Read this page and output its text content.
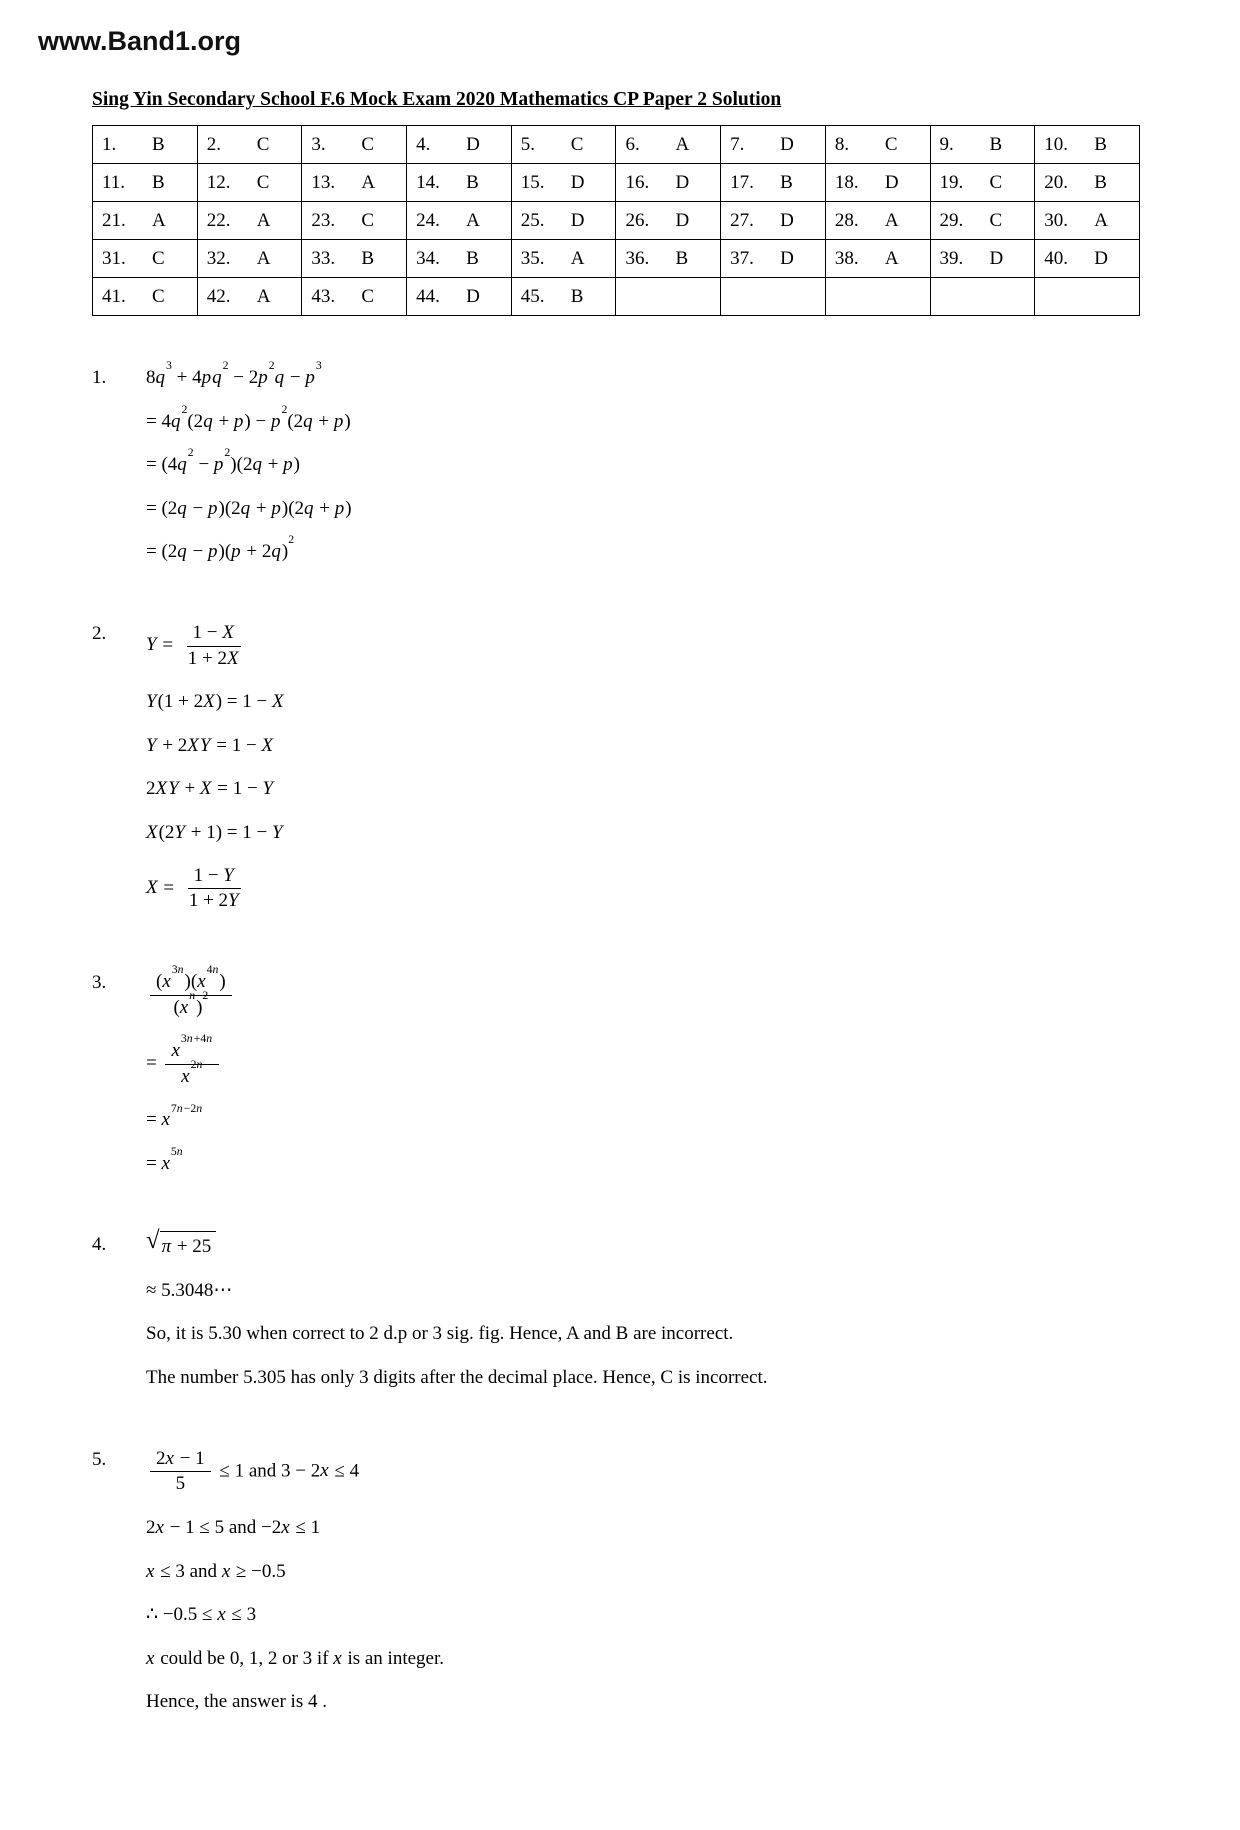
www.Band1.org
Sing Yin Secondary School F.6 Mock Exam 2020 Mathematics CP Paper 2 Solution
1. B	2. C	3. C	4. D	5. C	6. A	7. D	8. C	9. B	10. B

11. B	12. C	13. A	14. B	15. D	16. D	17. B	18. D	19. C	20. B

21. A	22. A	23. C	24. A	25. D	26. D	27. D	28. A	29. C	30. A

31. C	32. A	33. B	34. B	35. A	36. B	37. D	38. A	39. D	40. D

41. C	42. A	43. C	44. D	45. B					

1.	$8q^3 + 4pq^2 - 2p^2q - p^3$
= $4q^2(2q + p) - p^2(2q + p)$
= $(4q^2 - p^2)(2q + p)$
= (2q − p)(2q + p)(2q + p)
= $(2q - p)(p + 2q)^2$
2.
$Y = \frac{1 - X}{1 + 2X}$
Y(1 + 2X) = 1 − X
Y + 2XY = 1 − X
2XY + X = 1 − Y
X(2Y + 1) = 1 − Y
$X = \frac{1 - Y}{1 + 2Y}$
3.	$\frac{(x^{3n})(x^{4n})}{(x^n)^2}$
= $\frac{x^{3n+4n}}{x^{2n}}$
= $x^{7n-2n}$
= $x^{5n}$
4.	√ π + 25
≈ 5.3048⋯
So, it is 5.30 when correct to 2 d.p or 3 sig. fig. Hence, A and B are incorrect.
The number 5.305 has only 3 digits after the decimal place. Hence, C is incorrect.
5.	$\frac{2x - 1}{5} \le 1$ and 3 − 2x ≤ 4
2x − 1 ≤ 5 and −2x ≤ 1
x ≤ 3 and x ≥ −0.5
∴ −0.5 ≤ x ≤ 3
x could be 0, 1, 2 or 3 if x is an integer.
Hence, the answer is 4 .
